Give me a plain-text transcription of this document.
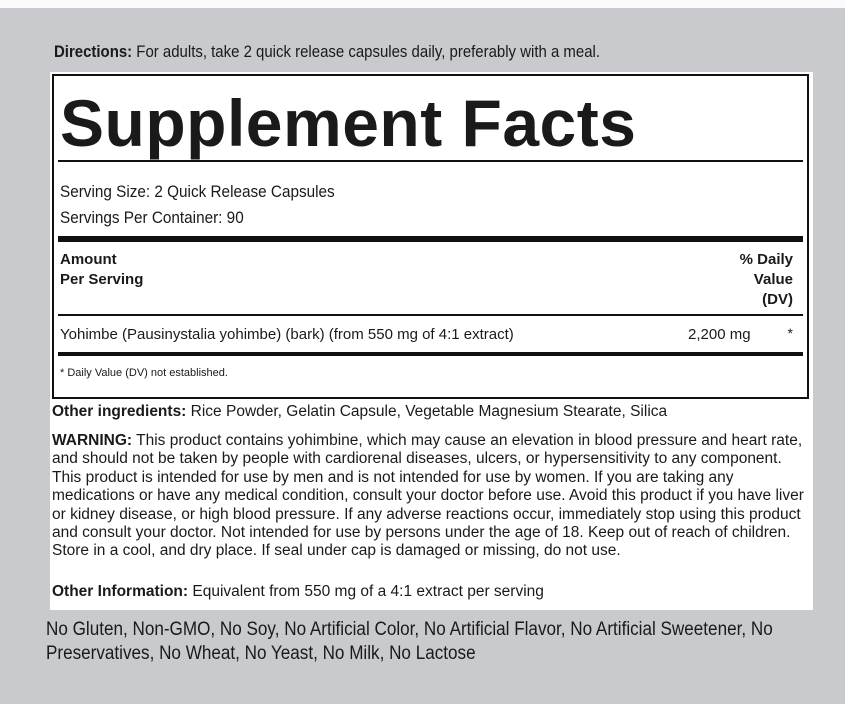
Directions: For adults, take 2 quick release capsules daily, preferably with a meal.
Supplement Facts
Serving Size: 2 Quick Release Capsules
Servings Per Container: 90
Amount
Per Serving
% Daily
Value
(DV)
Yohimbe (Pausinystalia yohimbe) (bark) (from 550 mg of 4:1 extract)	2,200 mg	*
* Daily Value (DV) not established.
Other ingredients: Rice Powder, Gelatin Capsule, Vegetable Magnesium Stearate, Silica
WARNING: This product contains yohimbine, which may cause an elevation in blood pressure and heart rate, and should not be taken by people with cardiorenal diseases, ulcers, or hypersensitivity to any component. This product is intended for use by men and is not intended for use by women. If you are taking any medications or have any medical condition, consult your doctor before use. Avoid this product if you have liver or kidney disease, or high blood pressure. If any adverse reactions occur, immediately stop using this product and consult your doctor. Not intended for use by persons under the age of 18. Keep out of reach of children. Store in a cool, and dry place. If seal under cap is damaged or missing, do not use.
Other Information: Equivalent from 550 mg of a 4:1 extract per serving
No Gluten, Non-GMO, No Soy, No Artificial Color, No Artificial Flavor, No Artificial Sweetener, No Preservatives, No Wheat, No Yeast, No Milk, No Lactose
